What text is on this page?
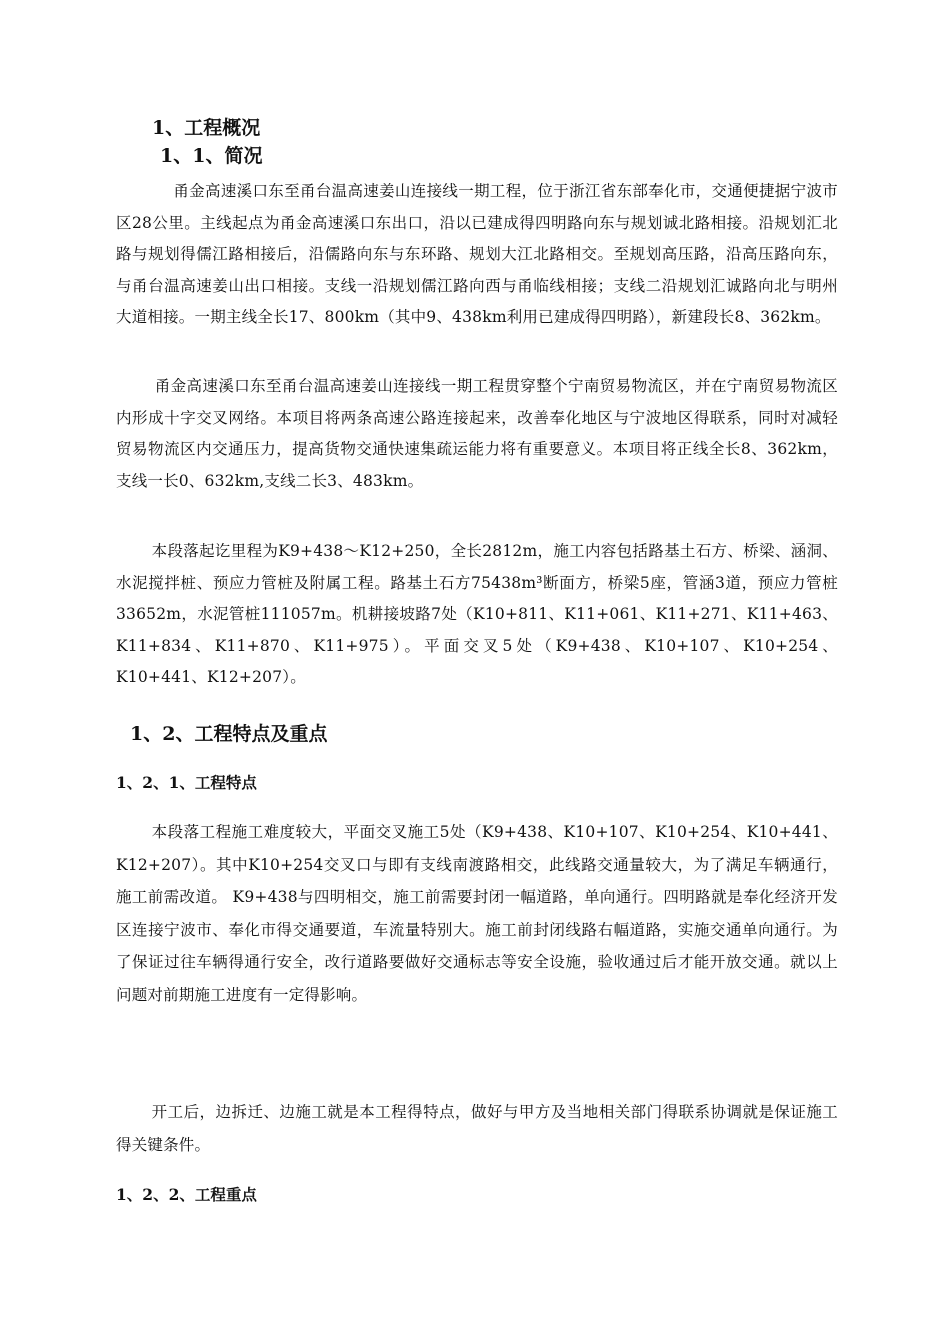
1、工程概况
1、1、简况

甬金高速溪口东至甬台温高速姜山连接线一期工程，位于浙江省东部奉化市，交通便捷据宁波市区28公里。主线起点为甬金高速溪口东出口，沿以已建成得四明路向东与规划诚北路相接。沿规划汇北路与规划得儒江路相接后，沿儒路向东与东环路、规划大江北路相交。至规划高压路，沿高压路向东，与甬台温高速姜山出口相接。支线一沿规划儒江路向西与甬临线相接；支线二沿规划汇诚路向北与明州大道相接。一期主线全长17、800km（其中9、438km利用已建成得四明路），新建段长8、362km。

甬金高速溪口东至甬台温高速姜山连接线一期工程贯穿整个宁南贸易物流区，并在宁南贸易物流区内形成十字交叉网络。本项目将两条高速公路连接起来，改善奉化地区与宁波地区得联系，同时对减轻贸易物流区内交通压力，提高货物交通快速集疏运能力将有重要意义。本项目将正线全长8、362km，支线一长0、632km,支线二长3、483km。

本段落起讫里程为K9+438～K12+250，全长2812m，施工内容包括路基土石方、桥梁、涵洞、水泥搅拌桩、预应力管桩及附属工程。路基土石方75438m³断面方，桥梁5座，管涵3道，预应力管桩33652m，水泥管桩111057m。机耕接坡路7处（K10+811、K11+061、K11+271、K11+463、K11+834、K11+870、K11+975）。平面交叉5处（K9+438、K10+107、K10+254、K10+441、K12+207）。

1、2、工程特点及重点
1、2、1、工程特点

本段落工程施工难度较大，平面交叉施工5处（K9+438、K10+107、K10+254、K10+441、K12+207）。其中K10+254交叉口与即有支线南渡路相交，此线路交通量较大，为了满足车辆通行，施工前需改道。 K9+438与四明相交，施工前需要封闭一幅道路，单向通行。四明路就是奉化经济开发区连接宁波市、奉化市得交通要道，车流量特别大。施工前封闭线路右幅道路，实施交通单向通行。为了保证过往车辆得通行安全，改行道路要做好交通标志等安全设施，验收通过后才能开放交通。就以上问题对前期施工进度有一定得影响。

开工后，边拆迁、边施工就是本工程得特点，做好与甲方及当地相关部门得联系协调就是保证施工得关键条件。

1、2、2、工程重点
